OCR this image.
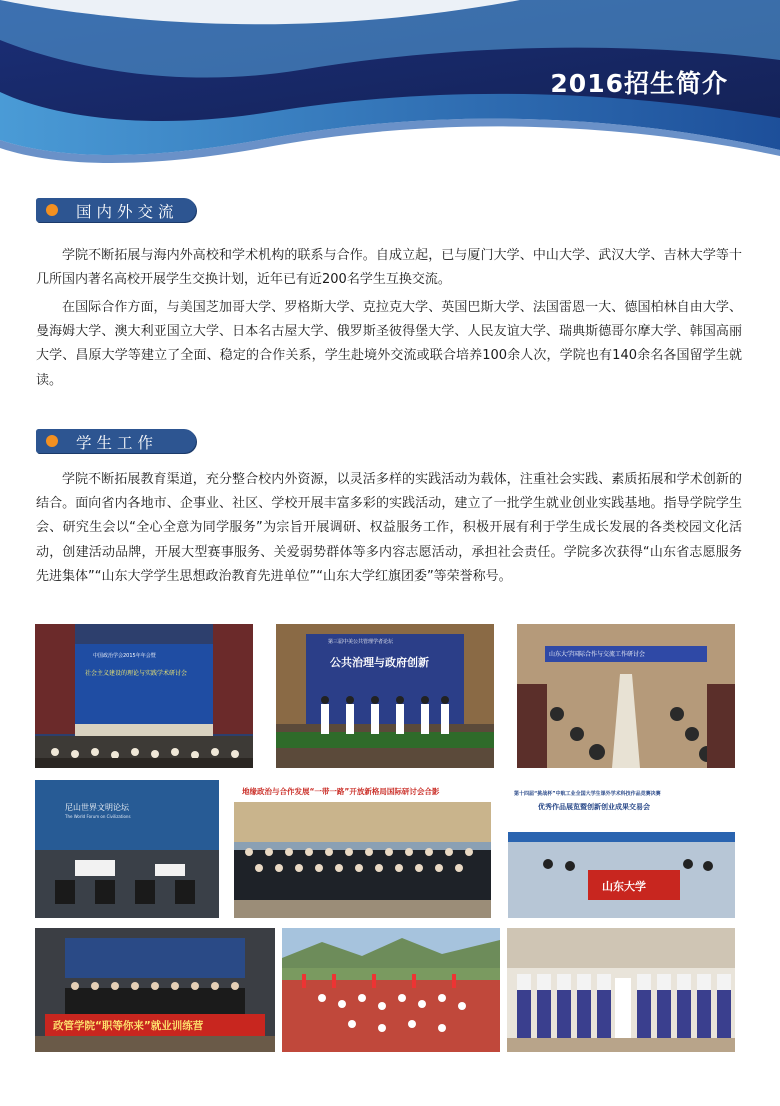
2016招生简介
国内外交流

学院不断拓展与海内外高校和学术机构的联系与合作。自成立起，已与厦门大学、中山大学、武汉大学、吉林大学等十几所国内著名高校开展学生交换计划，近年已有近200名学生互换交流。

在国际合作方面，与美国芝加哥大学、罗格斯大学、克拉克大学、英国巴斯大学、法国雷恩一大、德国柏林自由大学、曼海姆大学、澳大利亚国立大学、日本名古屋大学、俄罗斯圣彼得堡大学、人民友谊大学、瑞典斯德哥尔摩大学、韩国高丽大学、昌原大学等建立了全面、稳定的合作关系，学生赴境外交流或联合培养100余人次，学院也有140余名各国留学生就读。

学生工作

学院不断拓展教育渠道，充分整合校内外资源，以灵活多样的实践活动为载体，注重社会实践、素质拓展和学术创新的结合。面向省内各地市、企事业、社区、学校开展丰富多彩的实践活动，建立了一批学生就业创业实践基地。指导学院学生会、研究生会以“全心全意为同学服务”为宗旨开展调研、权益服务工作，积极开展有利于学生成长发展的各类校园文化活动，创建活动品牌，开展大型赛事服务、关爱弱势群体等多内容志愿活动，承担社会责任。学院多次获得“山东省志愿服务先进集体”“山东大学学生思想政治教育先进单位”“山东大学红旗团委”等荣誉称号。

中国政治学会2015年年会暨
社会主义建设的理论与实践学术研讨会
第三届中美公共管理学者论坛
公共治理与政府创新
山东大学国际合作与交流工作研讨会
尼山世界文明论坛
The World Forum on Civilizations
地缘政治与合作发展“一带一路”开放新格局国际研讨会合影	第十四届“挑战杯”中航工业全国大学生课外学术科技作品竞赛决赛
优秀作品展览暨创新创业成果交易会
山东大学
政管学院“职等你来”就业训练营
